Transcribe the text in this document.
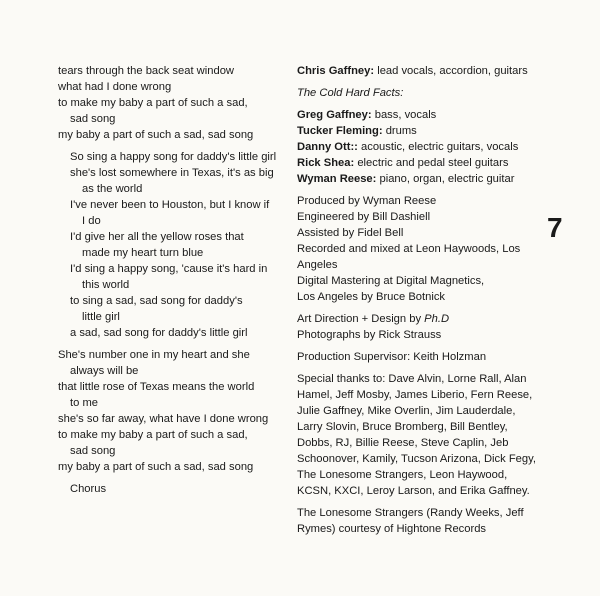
tears through the back seat window
what had I done wrong
to make my baby a part of such a sad,
sad song
my baby a part of such a sad, sad song
So sing a happy song for daddy's little girl
she's lost somewhere in Texas, it's as big
as the world
I've never been to Houston, but I know if
I do
I'd give her all the yellow roses that
made my heart turn blue
I'd sing a happy song, 'cause it's hard in
this world
to sing a sad, sad song for daddy's
little girl
a sad, sad song for daddy's little girl
She's number one in my heart and she
always will be
that little rose of Texas means the world
to me
she's so far away, what have I done wrong
to make my baby a part of such a sad,
sad song
my baby a part of such a sad, sad song
Chorus
Chris Gaffney: lead vocals, accordion, guitars
The Cold Hard Facts:
Greg Gaffney: bass, vocals
Tucker Fleming: drums
Danny Ott:: acoustic, electric guitars, vocals
Rick Shea: electric and pedal steel guitars
Wyman Reese: piano, organ, electric guitar
Produced by Wyman Reese
Engineered by Bill Dashiell
Assisted by Fidel Bell
Recorded and mixed at Leon Haywoods, Los
Angeles
Digital Mastering at Digital Magnetics,
Los Angeles by Bruce Botnick
Art Direction + Design by Ph.D
Photographs by Rick Strauss
Production Supervisor: Keith Holzman
Special thanks to: Dave Alvin, Lorne Rall, Alan
Hamel, Jeff Mosby, James Liberio, Fern Reese,
Julie Gaffney, Mike Overlin, Jim Lauderdale,
Larry Slovin, Bruce Bromberg, Bill Bentley,
Dobbs, RJ, Billie Reese, Steve Caplin, Jeb
Schoonover, Kamily, Tucson Arizona, Dick Fegy,
The Lonesome Strangers, Leon Haywood,
KCSN, KXCI, Leroy Larson, and Erika Gaffney.
The Lonesome Strangers (Randy Weeks, Jeff
Rymes) courtesy of Hightone Records
7
